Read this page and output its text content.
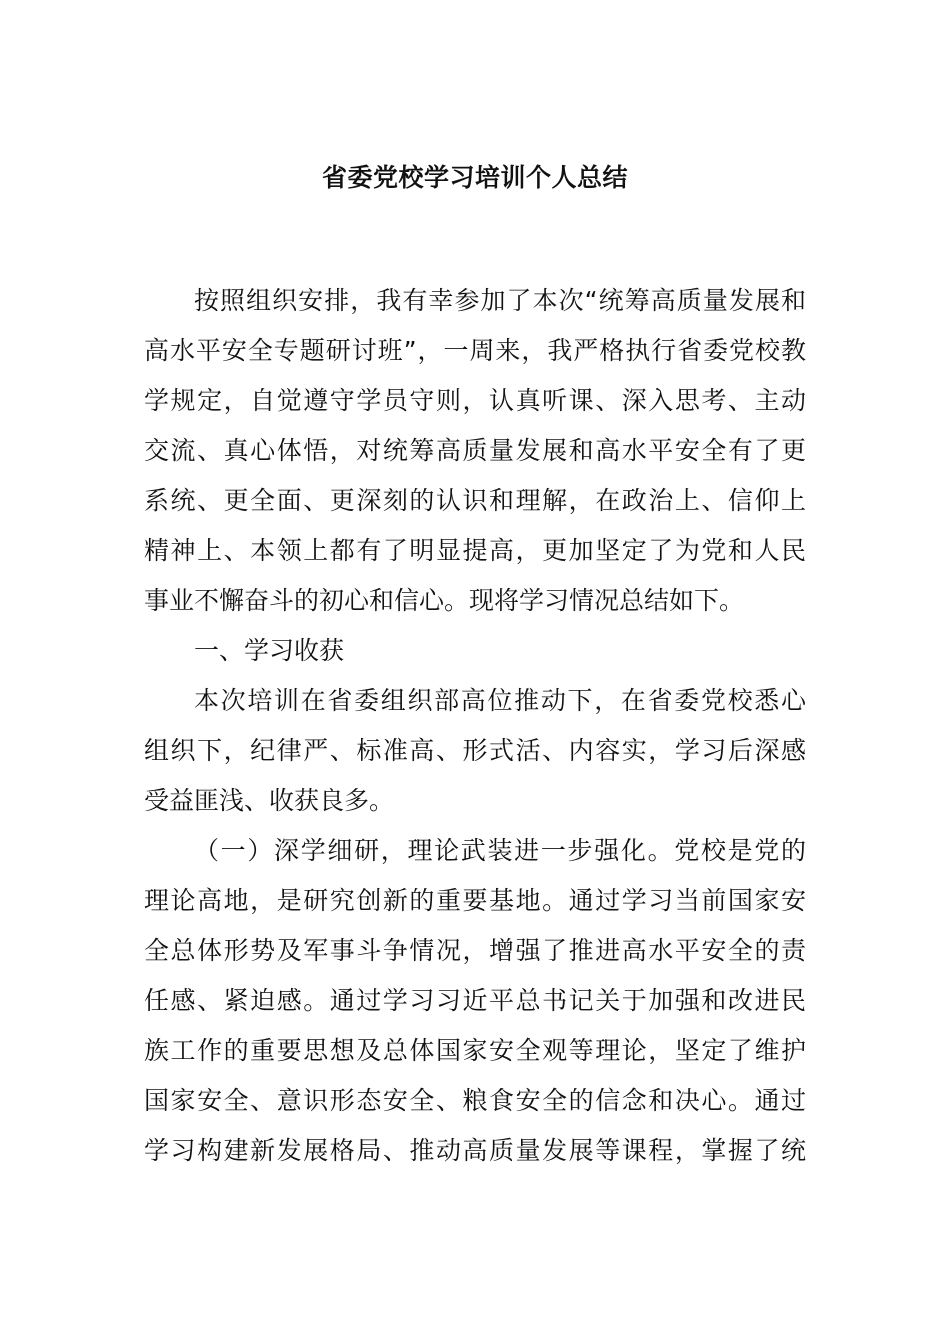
省委党校学习培训个人总结
按照组织安排，我有幸参加了本次“统筹高质量发展和
高水平安全专题研讨班”，一周来，我严格执行省委党校教
学规定，自觉遵守学员守则，认真听课、深入思考、主动
交流、真心体悟，对统筹高质量发展和高水平安全有了更
系统、更全面、更深刻的认识和理解，在政治上、信仰上
精神上、本领上都有了明显提高，更加坚定了为党和人民
事业不懈奋斗的初心和信心。现将学习情况总结如下。
一、学习收获
本次培训在省委组织部高位推动下，在省委党校悉心
组织下，纪律严、标准高、形式活、内容实，学习后深感
受益匪浅、收获良多。
（一）深学细研，理论武装进一步强化。党校是党的
理论高地，是研究创新的重要基地。通过学习当前国家安
全总体形势及军事斗争情况，增强了推进高水平安全的责
任感、紧迫感。通过学习习近平总书记关于加强和改进民
族工作的重要思想及总体国家安全观等理论，坚定了维护
国家安全、意识形态安全、粮食安全的信念和决心。通过
学习构建新发展格局、推动高质量发展等课程，掌握了统
